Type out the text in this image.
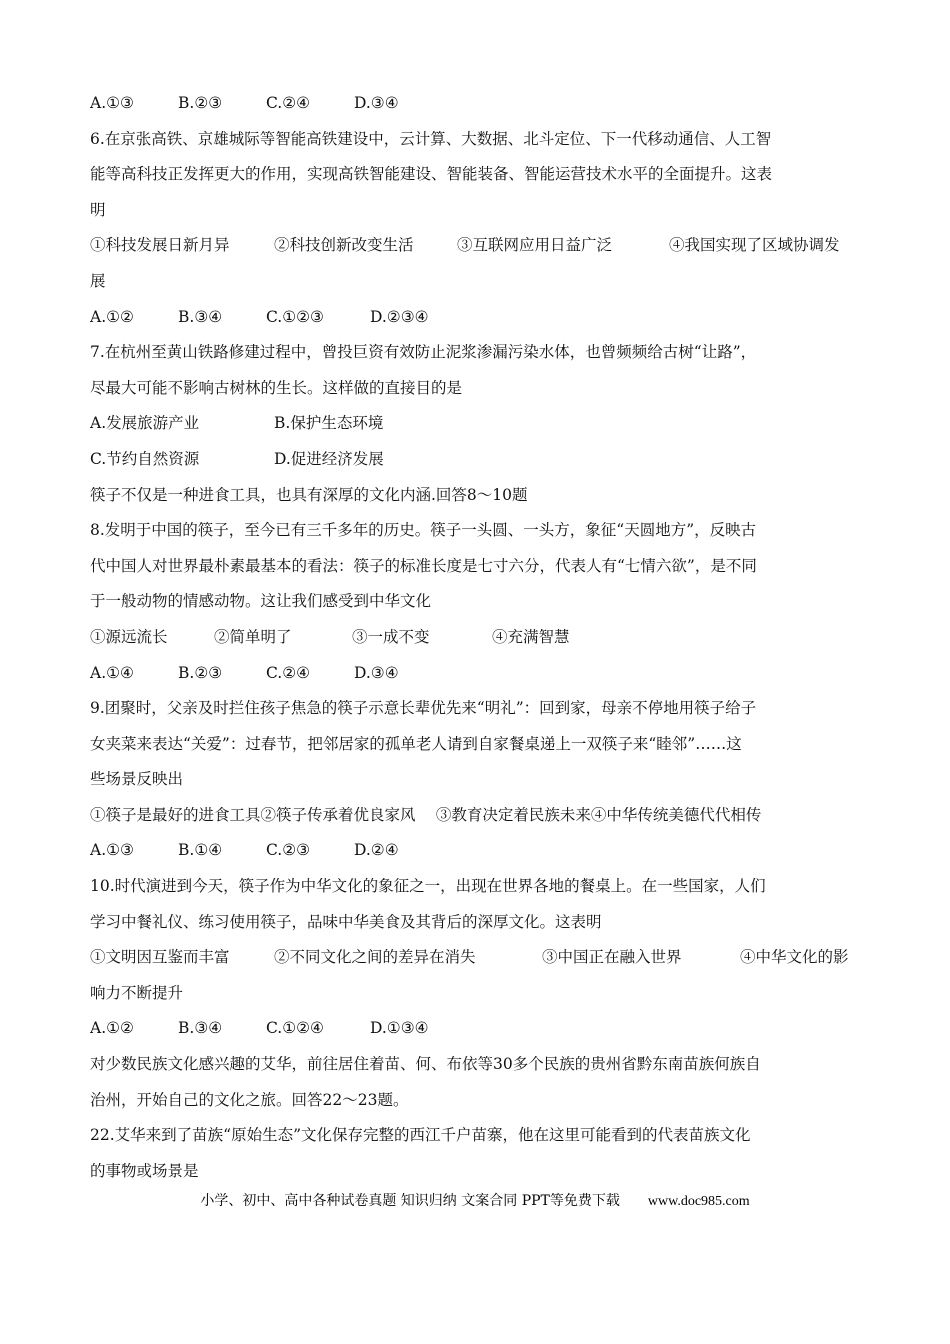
A.①③	B.②③	C.②④	D.③④
6.在京张高铁、京雄城际等智能高铁建设中，云计算、大数据、北斗定位、下一代移动通信、人工智
能等高科技正发挥更大的作用，实现高铁智能建设、智能装备、智能运营技术水平的全面提升。这表
明
①科技发展日新月异	②科技创新改变生活	③互联网应用日益广泛	④我国实现了区域协调发
展
A.①②	B.③④	C.①②③	D.②③④
7.在杭州至黄山铁路修建过程中，曾投巨资有效防止泥浆渗漏污染水体，也曾频频给古树“让路”，
尽最大可能不影响古树林的生长。这样做的直接目的是
A.发展旅游产业	B.保护生态环境
C.节约自然资源	D.促进经济发展
筷子不仅是一种进食工具，也具有深厚的文化内涵.回答8～10题
8.发明于中国的筷子，至今已有三千多年的历史。筷子一头圆、一头方，象征“天圆地方”，反映古
代中国人对世界最朴素最基本的看法：筷子的标准长度是七寸六分，代表人有“七情六欲”，是不同
于一般动物的情感动物。这让我们感受到中华文化
①源远流长	②简单明了	③一成不变	④充满智慧
A.①④	B.②③	C.②④	D.③④
9.团聚时，父亲及时拦住孩子焦急的筷子示意长辈优先来“明礼”：回到家，母亲不停地用筷子给子
女夹菜来表达“关爱”：过春节，把邻居家的孤单老人请到自家餐桌递上一双筷子来“睦邻”……这
些场景反映出
①筷子是最好的进食工具②筷子传承着优良家风　 ③教育决定着民族未来④中华传统美德代代相传
A.①③	B.①④	C.②③	D.②④
10.时代演进到今天，筷子作为中华文化的象征之一，出现在世界各地的餐桌上。在一些国家，人们
学习中餐礼仪、练习使用筷子，品味中华美食及其背后的深厚文化。这表明
①文明因互鉴而丰富	②不同文化之间的差异在消失	③中国正在融入世界	④中华文化的影
响力不断提升
A.①②	B.③④	C.①②④	D.①③④
对少数民族文化感兴趣的艾华，前往居住着苗、何、布依等30多个民族的贵州省黔东南苗族何族自
治州，开始自己的文化之旅。回答22～23题。
22.艾华来到了苗族“原始生态”文化保存完整的西江千户苗寨，他在这里可能看到的代表苗族文化
的事物或场景是
小学、初中、高中各种试卷真题 知识归纳 文案合同 PPT等免费下载 www.doc985.com
